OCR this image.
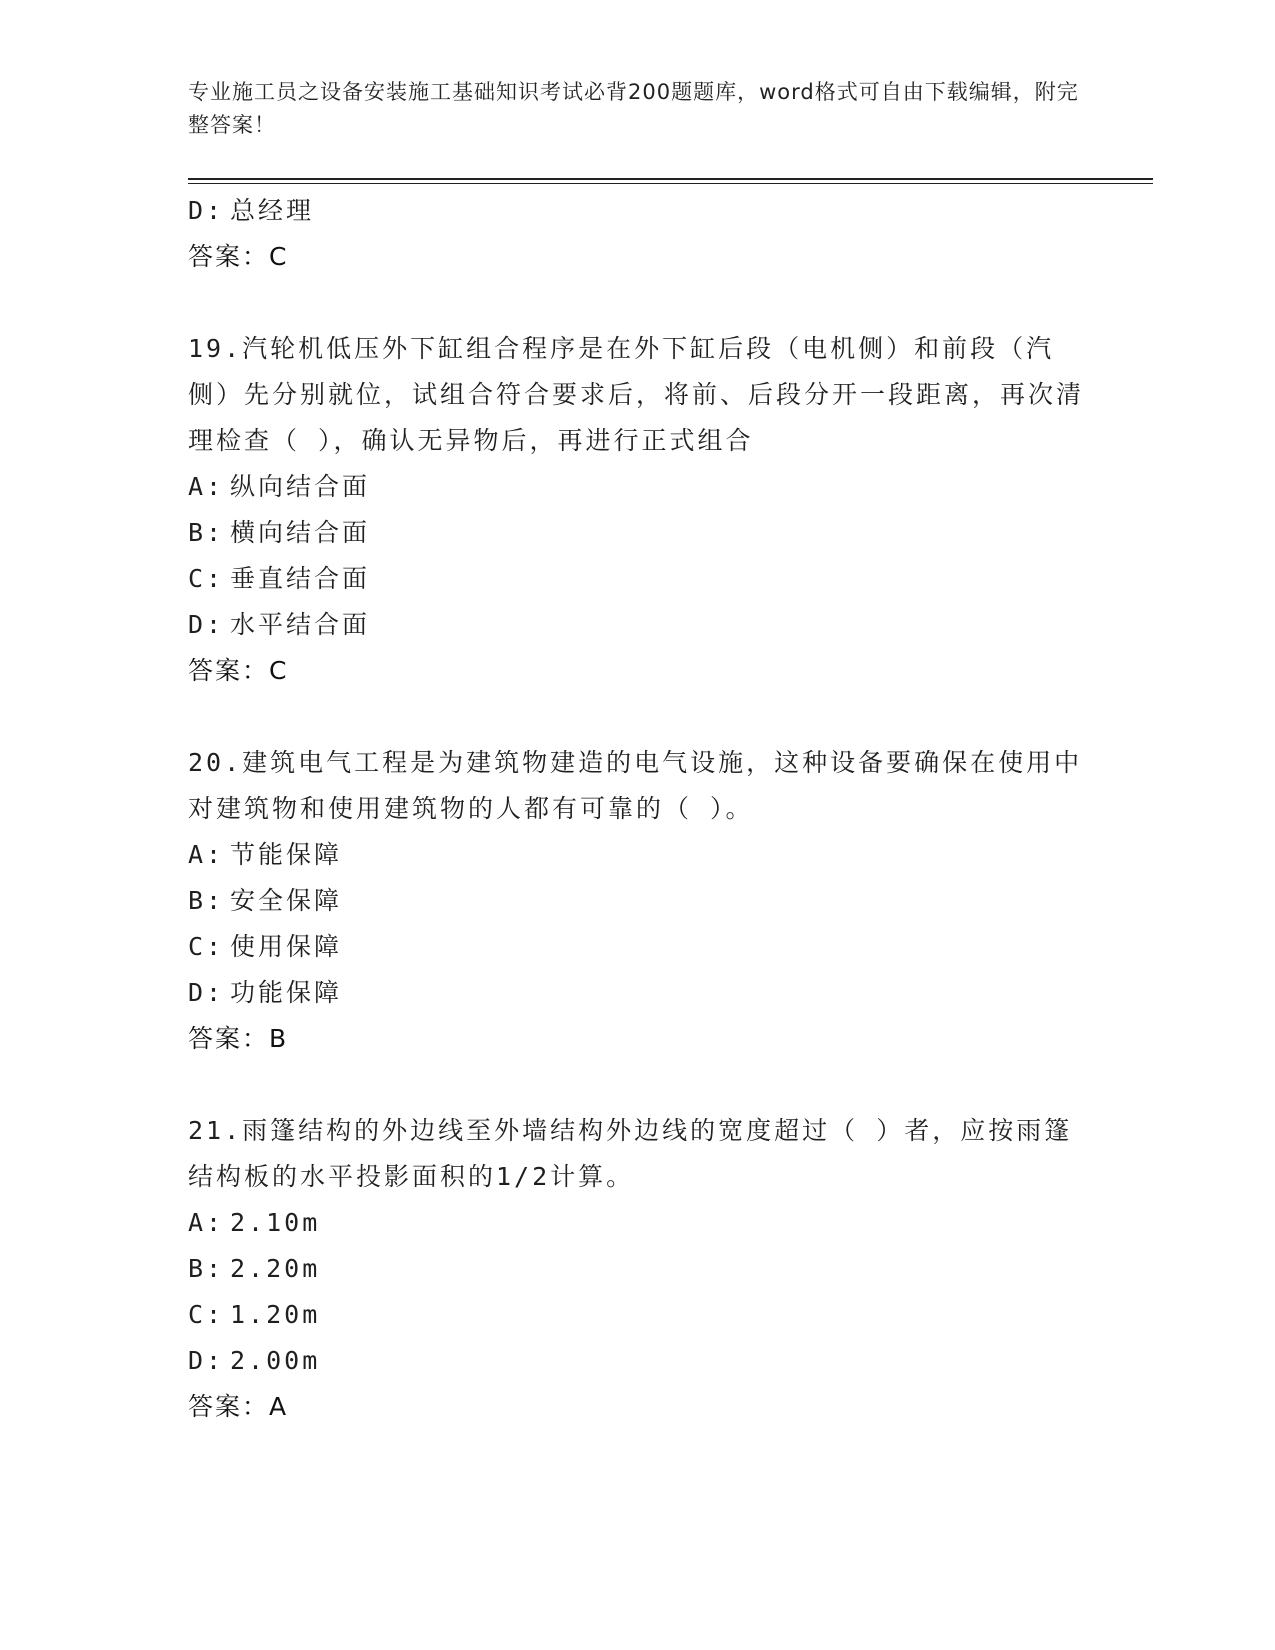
专业施工员之设备安装施工基础知识考试必背200题题库，word格式可自由下载编辑，附完整答案！
D: 总经理
答案：C
19.汽轮机低压外下缸组合程序是在外下缸后段（电机侧）和前段（汽侧）先分别就位，试组合符合要求后，将前、后段分开一段距离，再次清理检查（ ），确认无异物后，再进行正式组合
A: 纵向结合面
B: 横向结合面
C: 垂直结合面
D: 水平结合面
答案：C
20.建筑电气工程是为建筑物建造的电气设施，这种设备要确保在使用中对建筑物和使用建筑物的人都有可靠的（ ）。
A: 节能保障
B: 安全保障
C: 使用保障
D: 功能保障
答案：B
21.雨篷结构的外边线至外墙结构外边线的宽度超过（ ）者，应按雨篷结构板的水平投影面积的1/2计算。
A: 2.10m
B: 2.20m
C: 1.20m
D: 2.00m
答案：A
